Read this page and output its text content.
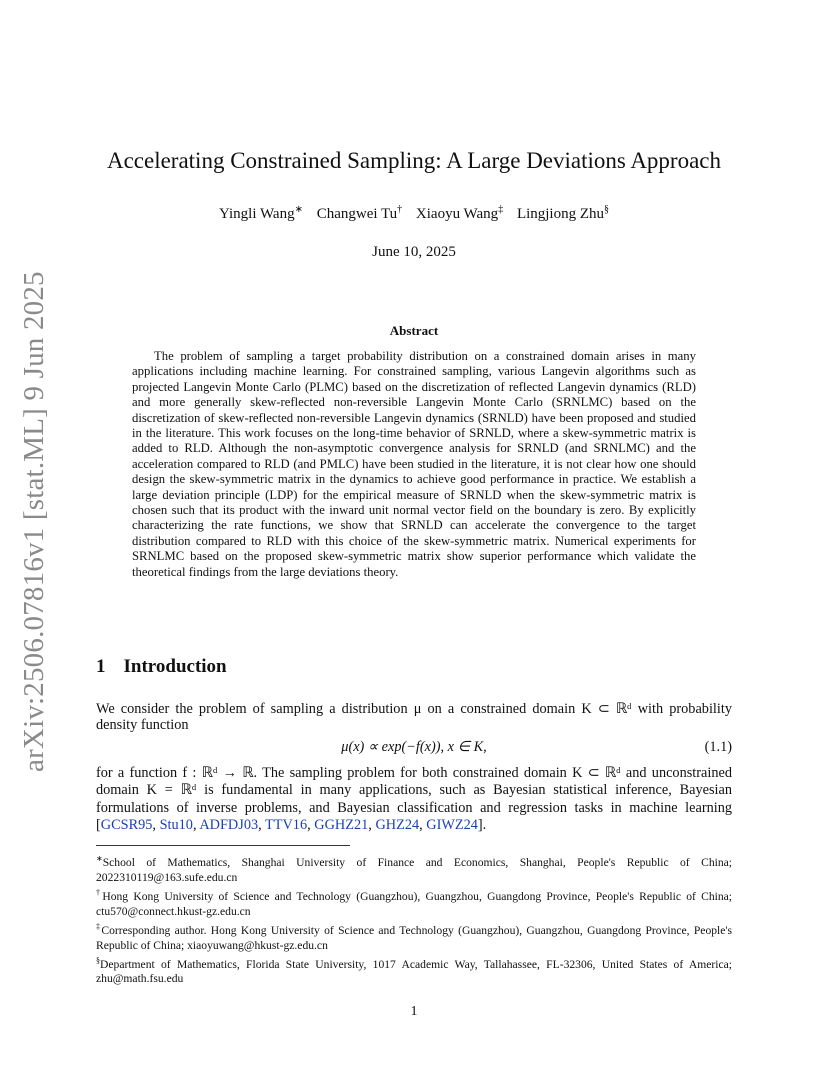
arXiv:2506.07816v1 [stat.ML] 9 Jun 2025
Accelerating Constrained Sampling: A Large Deviations Approach
Yingli Wang∗ Changwei Tu† Xiaoyu Wang‡ Lingjiong Zhu§
June 10, 2025
Abstract
The problem of sampling a target probability distribution on a constrained domain arises in many applications including machine learning. For constrained sampling, various Langevin algorithms such as projected Langevin Monte Carlo (PLMC) based on the discretization of reflected Langevin dynamics (RLD) and more generally skew-reflected non-reversible Langevin Monte Carlo (SRNLMC) based on the discretization of skew-reflected non-reversible Langevin dynamics (SRNLD) have been proposed and studied in the literature. This work focuses on the long-time behavior of SRNLD, where a skew-symmetric matrix is added to RLD. Although the non-asymptotic convergence analysis for SRNLD (and SRNLMC) and the acceleration compared to RLD (and PMLC) have been studied in the literature, it is not clear how one should design the skew-symmetric matrix in the dynamics to achieve good performance in practice. We establish a large deviation principle (LDP) for the empirical measure of SRNLD when the skew-symmetric matrix is chosen such that its product with the inward unit normal vector field on the boundary is zero. By explicitly characterizing the rate functions, we show that SRNLD can accelerate the convergence to the target distribution compared to RLD with this choice of the skew-symmetric matrix. Numerical experiments for SRNLMC based on the proposed skew-symmetric matrix show superior performance which validate the theoretical findings from the large deviations theory.
1 Introduction
We consider the problem of sampling a distribution μ on a constrained domain K ⊂ ℝᵈ with probability density function
μ(x) ∝ exp(−f(x)), x ∈ K,	(1.1)
for a function f : ℝᵈ → ℝ. The sampling problem for both constrained domain K ⊂ ℝᵈ and unconstrained domain K = ℝᵈ is fundamental in many applications, such as Bayesian statistical inference, Bayesian formulations of inverse problems, and Bayesian classification and regression tasks in machine learning [GCSR95, Stu10, ADFDJ03, TTV16, GGHZ21, GHZ24, GIWZ24].
∗School of Mathematics, Shanghai University of Finance and Economics, Shanghai, People's Republic of China; 2022310119@163.sufe.edu.cn
†Hong Kong University of Science and Technology (Guangzhou), Guangzhou, Guangdong Province, People's Republic of China; ctu570@connect.hkust-gz.edu.cn
‡Corresponding author. Hong Kong University of Science and Technology (Guangzhou), Guangzhou, Guangdong Province, People's Republic of China; xiaoyuwang@hkust-gz.edu.cn
§Department of Mathematics, Florida State University, 1017 Academic Way, Tallahassee, FL-32306, United States of America; zhu@math.fsu.edu
1
